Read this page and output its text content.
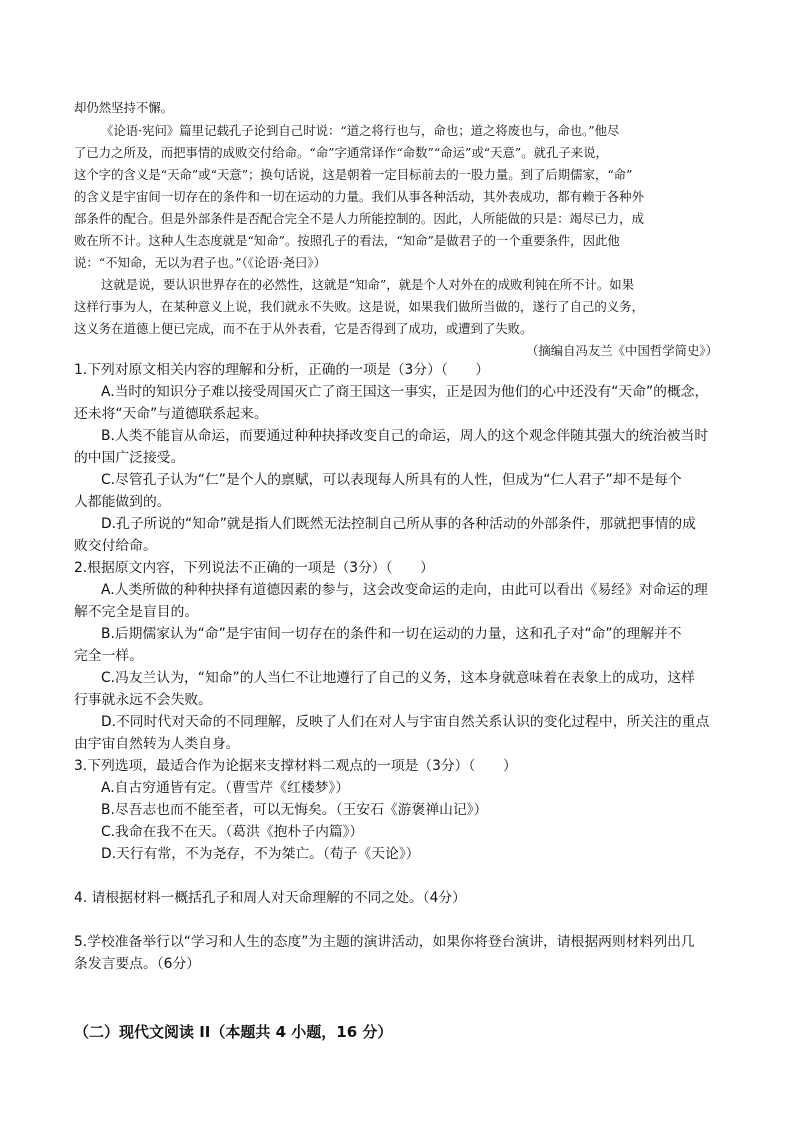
却仍然坚持不懈。
《论语·宪问》篇里记载孔子论到自己时说：“道之将行也与，命也；道之将废也与，命也。”他尽
了已力之所及，而把事情的成败交付给命。“命”字通常译作“命数”“命运”或“天意”。就孔子来说，
这个字的含义是“天命”或“天意”；换句话说，这是朝着一定目标前去的一股力量。到了后期儒家，“命”
的含义是宇宙间一切存在的条件和一切在运动的力量。我们从事各种活动，其外表成功，都有赖于各种外
部条件的配合。但是外部条件是否配合完全不是人力所能控制的。因此，人所能做的只是：竭尽已力，成
败在所不计。这种人生态度就是“知命”。按照孔子的看法，“知命”是做君子的一个重要条件，因此他
说：“不知命，无以为君子也。”（《论语·尧曰》）
这就是说，要认识世界存在的必然性，这就是“知命”，就是个人对外在的成败利钝在所不计。如果
这样行事为人，在某种意义上说，我们就永不失败。这是说，如果我们做所当做的，遂行了自己的义务，
这义务在道德上便已完成，而不在于从外表看，它是否得到了成功，或遭到了失败。
（摘编自冯友兰《中国哲学简史》）
1.下列对原文相关内容的理解和分析，正确的一项是（3分）（　　）
A.当时的知识分子难以接受周国灭亡了商王国这一事实，正是因为他们的心中还没有“天命”的概念，
还未将“天命”与道德联系起来。
B.人类不能盲从命运，而要通过种种抉择改变自己的命运，周人的这个观念伴随其强大的统治被当时
的中国广泛接受。
C.尽管孔子认为“仁”是个人的禀赋，可以表现每人所具有的人性，但成为“仁人君子”却不是每个
人都能做到的。
D.孔子所说的“知命”就是指人们既然无法控制自己所从事的各种活动的外部条件，那就把事情的成
败交付给命。
2.根据原文内容，下列说法不正确的一项是（3分）（　　）
A.人类所做的种种抉择有道德因素的参与，这会改变命运的走向，由此可以看出《易经》对命运的理
解不完全是盲目的。
B.后期儒家认为“命”是宇宙间一切存在的条件和一切在运动的力量，这和孔子对“命”的理解并不
完全一样。
C.冯友兰认为，“知命”的人当仁不让地遵行了自己的义务，这本身就意味着在表象上的成功，这样
行事就永远不会失败。
D.不同时代对天命的不同理解，反映了人们在对人与宇宙自然关系认识的变化过程中，所关注的重点
由宇宙自然转为人类自身。
3.下列选项，最适合作为论据来支撑材料二观点的一项是（3分）（　　）
A.自古穷通皆有定。（曹雪芹《红楼梦》）
B.尽吾志也而不能至者，可以无悔矣。（王安石《游褒禅山记》）
C.我命在我不在天。（葛洪《抱朴子内篇》）
D.天行有常，不为尧存，不为桀亡。（荀子《天论》）
4. 请根据材料一概括孔子和周人对天命理解的不同之处。（4分）
5.学校准备举行以“学习和人生的态度”为主题的演讲活动，如果你将登台演讲，请根据两则材料列出几
条发言要点。（6分）
（二）现代文阅读 II（本题共 4 小题，16 分）
